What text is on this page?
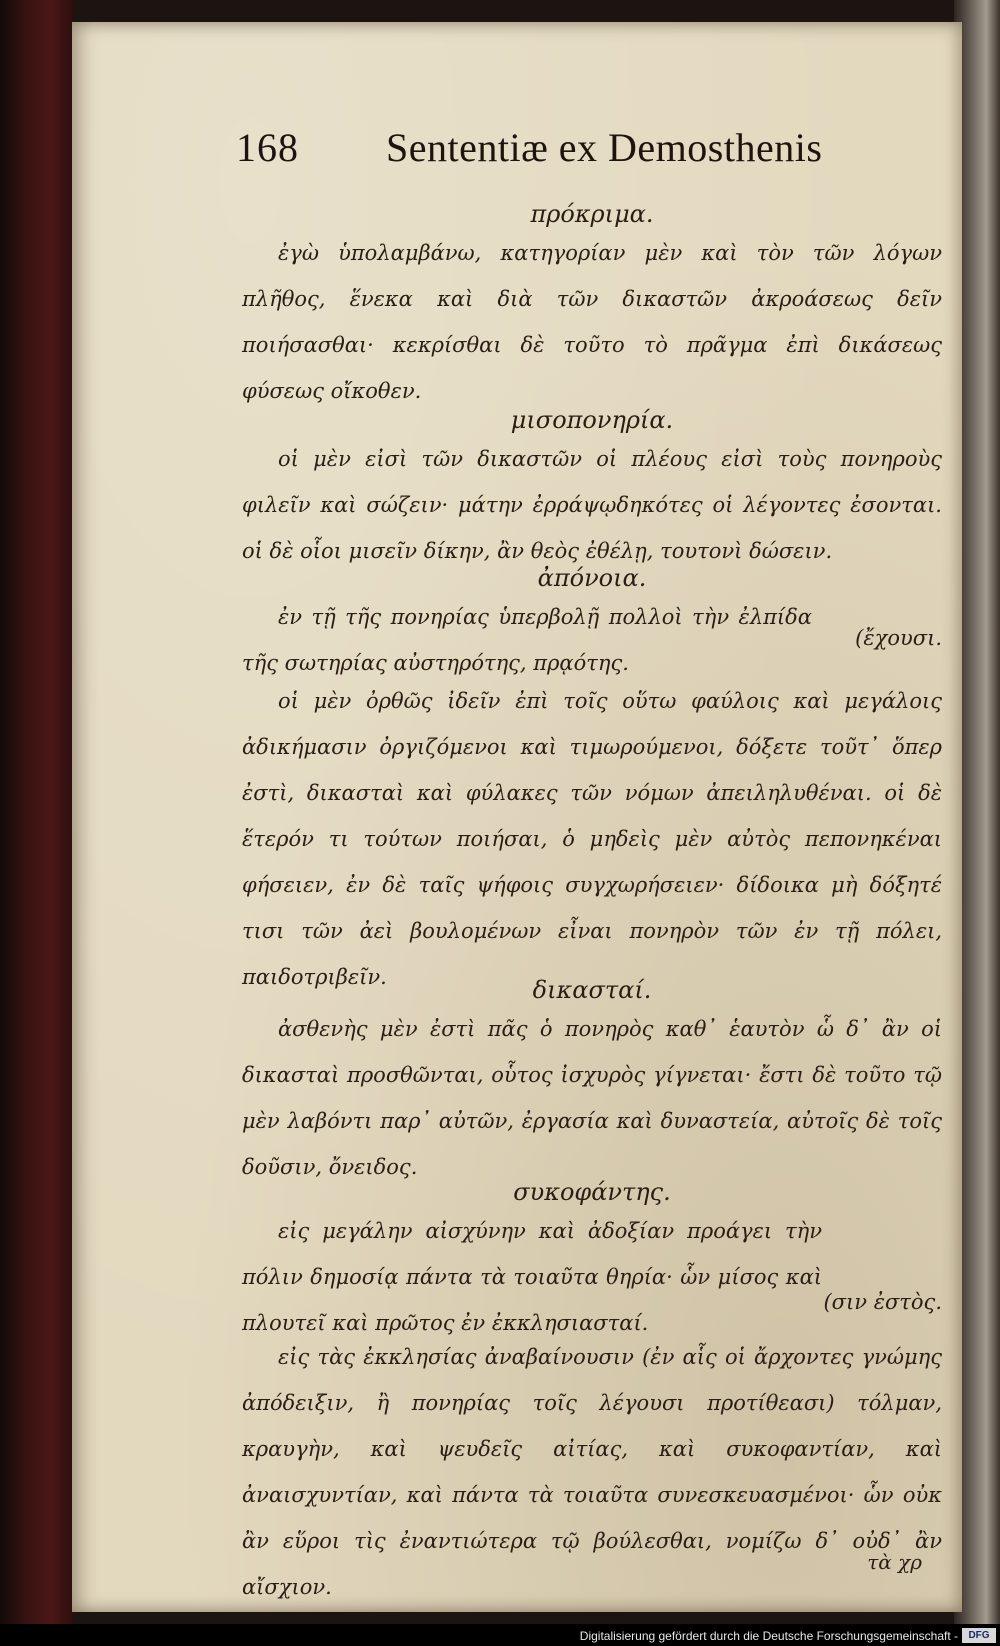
168 Sententiæ ex Demosthenis

πρόκριμα.

ἐγὼ ὑπολαμβάνω, κατηγορίαν μὲν καὶ τὸν τῶν λόγων πλῆθος, ἕνεκα καὶ διὰ τῶν δικαστῶν ἀκροάσεως δεῖν ποιήσασθαι· κεκρίσθαι δὲ τοῦτο τὸ πρᾶγμα ἐπὶ δικάσεως φύσεως οἴκοθεν.

μισοπονηρία.

οἱ μὲν εἰσὶ τῶν δικαστῶν οἱ πλέους εἰσὶ τοὺς πονηροὺς φιλεῖν καὶ σώζειν· μάτην ἐρράψῳδηκότες οἱ λέγοντες ἐσονται. οἱ δὲ οἷοι μισεῖν δίκην, ἂν θεὸς ἐθέλῃ, τουτονὶ δώσειν.

ἀπόνοια.

ἐν τῇ τῆς πονηρίας ὑπερβολῇ πολλοὶ τὴν ἐλπίδα τῆς σωτηρίας αὐστηρότης, πρᾳότης.

(ἔχουσι.

οἱ μὲν ὀρθῶς ἰδεῖν ἐπὶ τοῖς οὕτω φαύλοις καὶ μεγάλοις ἀδικήμασιν ὀργιζόμενοι καὶ τιμωρούμενοι, δόξετε τοῦτ᾽ ὅπερ ἐστὶ, δικασταὶ καὶ φύλακες τῶν νόμων ἀπειληλυθέναι. οἱ δὲ ἕτερόν τι τούτων ποιήσαι, ὁ μηδεὶς μὲν αὐτὸς πεπονηκέναι φήσειεν, ἐν δὲ ταῖς ψήφοις συγχωρήσειεν· δίδοικα μὴ δόξητέ τισι τῶν ἀεὶ βουλομένων εἶναι πονηρὸν τῶν ἐν τῇ πόλει, παιδοτριβεῖν.	δικασταί.

ἀσθενὴς μὲν ἐστὶ πᾶς ὁ πονηρὸς καθ᾽ ἑαυτὸν ὧ δ᾽ ἂν οἱ δικασταὶ προσθῶνται, οὗτος ἰσχυρὸς γίγνεται· ἔστι δὲ τοῦτο τῷ μὲν λαβόντι παρ᾽ αὐτῶν, ἐργασία καὶ δυναστεία, αὐτοῖς δὲ τοῖς δοῦσιν, ὄνειδος.

συκοφάντης.

εἰς μεγάλην αἰσχύνην καὶ ἀδοξίαν προάγει τὴν πόλιν δημοσίᾳ πάντα τὰ τοιαῦτα θηρία· ὧν μίσος καὶ πλουτεῖ καὶ πρῶτος ἐν ἐκκλησιασταί.

(σιν ἐστὸς.

εἰς τὰς ἐκκλησίας ἀναβαίνουσιν (ἐν αἷς οἱ ἄρχοντες γνώμης ἀπόδειξιν, ἢ πονηρίας τοῖς λέγουσι προτίθεασι) τόλμαν, κραυγὴν, καὶ ψευδεῖς αἰτίας, καὶ συκοφαντίαν, καὶ ἀναισχυντίαν, καὶ πάντα τὰ τοιαῦτα συνεσκευασμένοι· ὧν οὐκ ἂν εὕροι τὶς ἐναντιώτερα τῷ βούλεσθαι, νομίζω δ᾽ οὐδ᾽ ἂν αἴσχιον.

τὰ χρ
Digitalisierung gefördert durch die Deutsche Forschungsgemeinschaft -	DFG
